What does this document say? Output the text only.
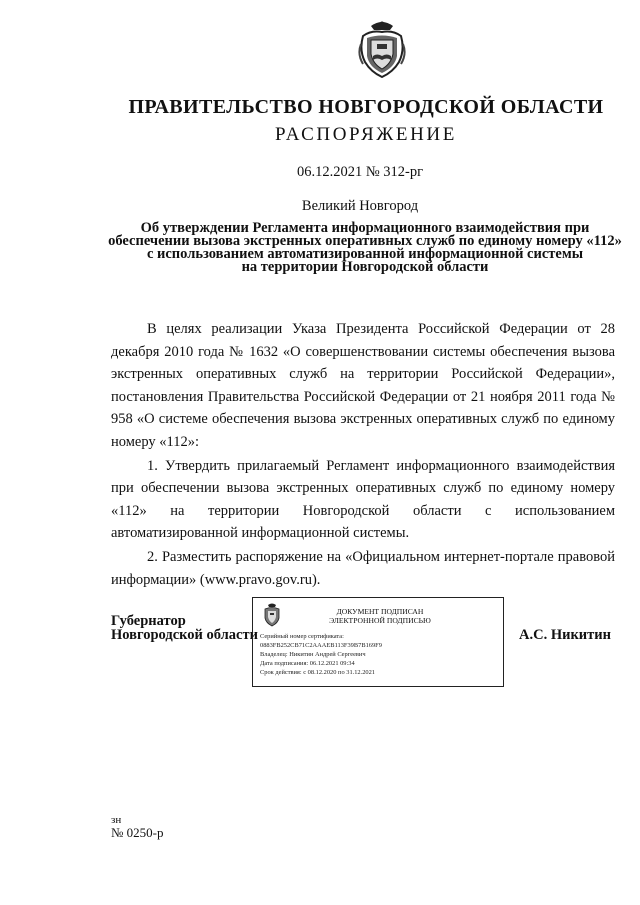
ПРАВИТЕЛЬСТВО НОВГОРОДСКОЙ ОБЛАСТИ
РАСПОРЯЖЕНИЕ
06.12.2021 № 312-рг
Великий Новгород
Об утверждении Регламента информационного взаимодействия при
обеспечении вызова экстренных оперативных служб по единому номеру «112»
с использованием автоматизированной информационной системы
на территории Новгородской области

В целях реализации Указа Президента Российской Федерации от 28 декабря 2010 года № 1632 «О совершенствовании системы обеспечения вызова экстренных оперативных служб на территории Российской Федерации», постановления Правительства Российской Федерации от 21 ноября 2011 года № 958 «О системе обеспечения вызова экстренных оперативных служб по единому номеру «112»:

1. Утвердить прилагаемый Регламент информационного взаимодействия при обеспечении вызова экстренных оперативных служб по единому номеру «112» на территории Новгородской области с использованием автоматизированной информационной системы.

2. Разместить распоряжение на «Официальном интернет-портале правовой информации» (www.pravo.gov.ru).

Губернатор
Новгородской области
ДОКУМЕНТ ПОДПИСАН
ЭЛЕКТРОННОЙ ПОДПИСЬЮ
Серийный номер сертификата:
0883FB252CB71C2AAAEB113F39B7B169F9
Владелец: Никитин Андрей Сергеевич
Дата подписания: 06.12.2021 09:34
Срок действия: с 08.12.2020 по 31.12.2021
А.С. Никитин
зн
№ 0250-р
